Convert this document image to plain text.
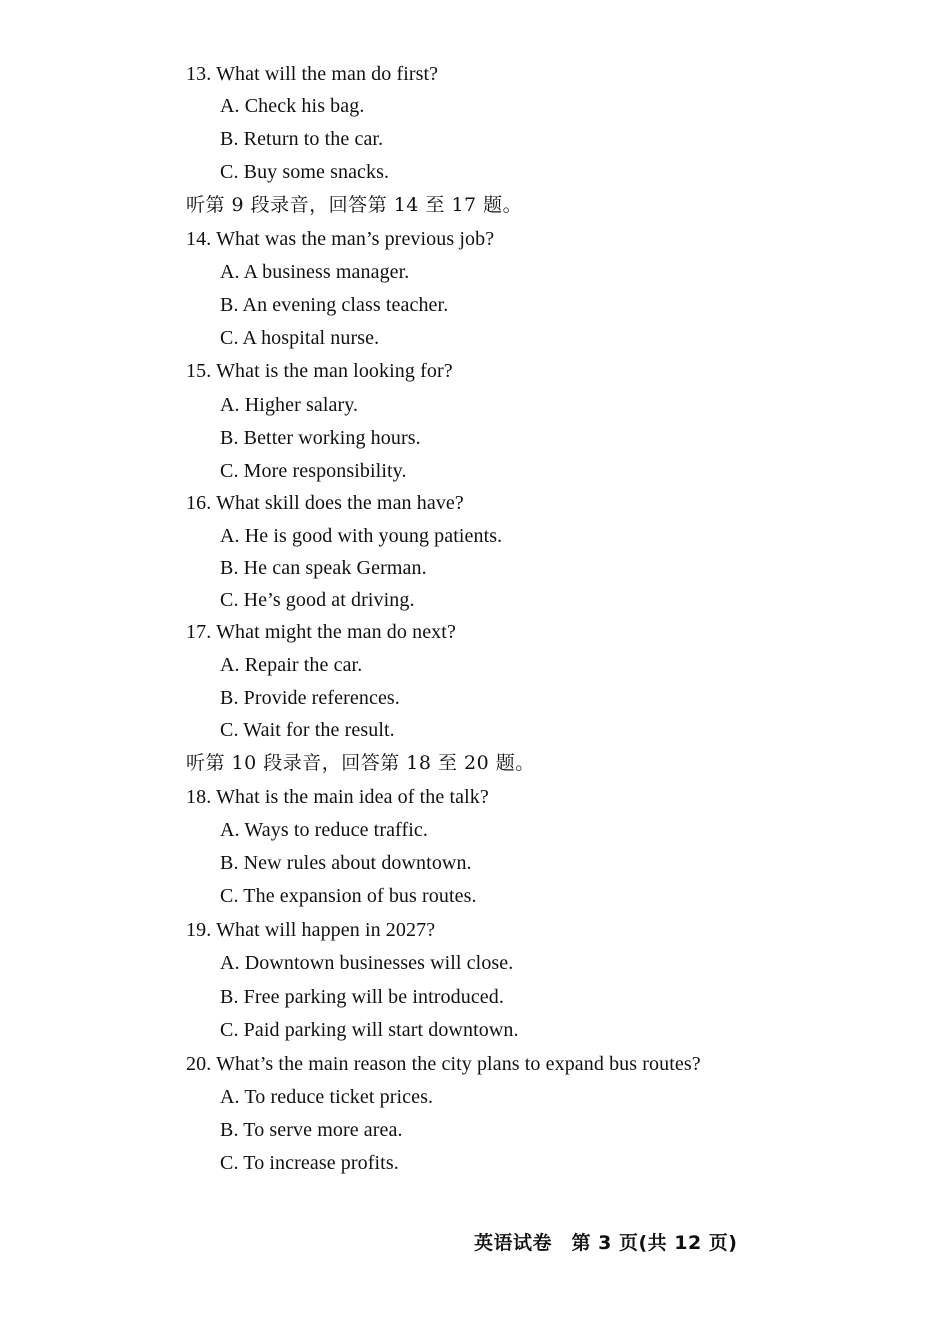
13. What will the man do first?
A. Check his bag.
B. Return to the car.
C. Buy some snacks.
听第 9 段录音，回答第 14 至 17 题。
14. What was the man’s previous job?
A. A business manager.
B. An evening class teacher.
C. A hospital nurse.
15. What is the man looking for?
A. Higher salary.
B. Better working hours.
C. More responsibility.
16. What skill does the man have?
A. He is good with young patients.
B. He can speak German.
C. He’s good at driving.
17. What might the man do next?
A. Repair the car.
B. Provide references.
C. Wait for the result.
听第 10 段录音，回答第 18 至 20 题。
18. What is the main idea of the talk?
A. Ways to reduce traffic.
B. New rules about downtown.
C. The expansion of bus routes.
19. What will happen in 2027?
A. Downtown businesses will close.
B. Free parking will be introduced.
C. Paid parking will start downtown.
20. What’s the main reason the city plans to expand bus routes?
A. To reduce ticket prices.
B. To serve more area.
C. To increase profits.
英语试卷　第 3 页(共 12 页)
